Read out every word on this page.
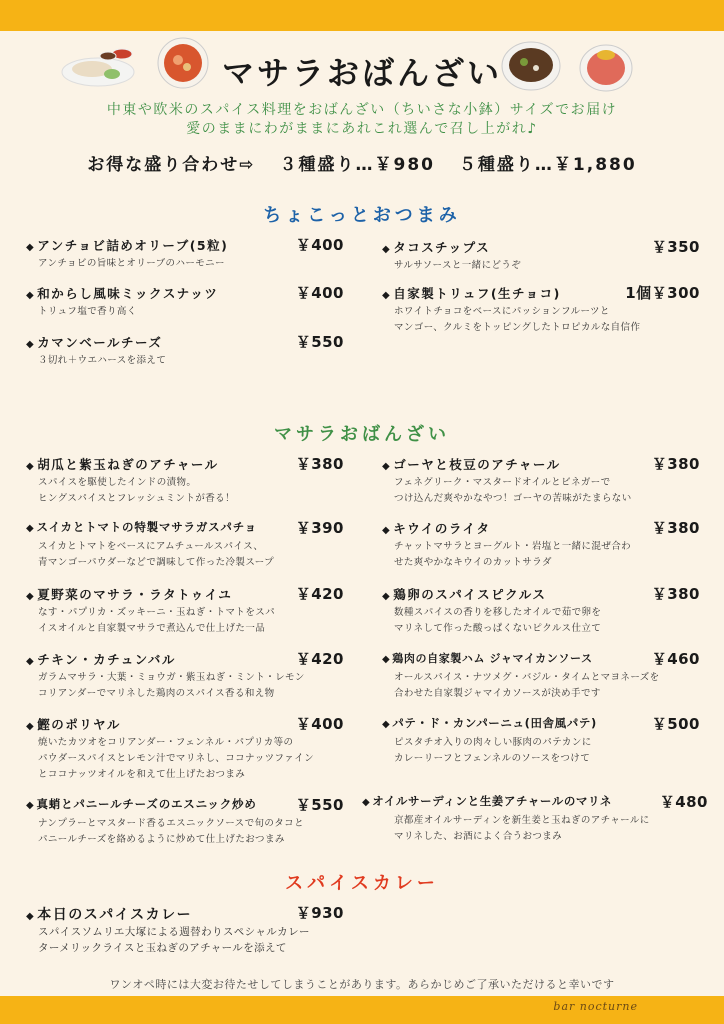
マサラおばんざい
中東や欧米のスパイス料理をおばんざい（ちいさな小鉢）サイズでお届け
愛のままにわがままにあれこれ選んで召し上がれ♪
お得な盛り合わせ⇨ ３種盛り…￥980 ５種盛り…￥1,880
ちょこっとおつまみ
◆ アンチョビ詰めオリーブ(5粒)	￥400
アンチョビの旨味とオリーブのハーモニー
◆ 和からし風味ミックスナッツ	￥400
トリュフ塩で香り高く
◆ カマンベールチーズ	￥550
３切れ＋ウエハースを添えて
◆ タコスチップス	￥350
サルサソースと一緒にどうぞ
◆ 自家製トリュフ(生チョコ)	1個￥300
ホワイトチョコをベースにパッションフルーツと
マンゴー、クルミをトッピングしたトロピカルな自信作
マサラおばんざい
◆ 胡瓜と紫玉ねぎのアチャール	￥380
スパイスを駆使したインドの漬物。
ヒングスパイスとフレッシュミントが香る！
◆ スイカとトマトの特製マサラガスパチョ	￥390
スイカとトマトをベースにアムチュールスパイス、
青マンゴーパウダーなどで調味して作った冷製スープ
◆ 夏野菜のマサラ・ラタトゥイユ	￥420
なす・パプリカ・ズッキーニ・玉ねぎ・トマトをスパ
イスオイルと自家製マサラで煮込んで仕上げた一品
◆ チキン・カチュンバル	￥420
ガラムマサラ・大葉・ミョウガ・紫玉ねぎ・ミント・レモン
コリアンダーでマリネした鶏肉のスパイス香る和え物
◆ 鰹のポリヤル	￥400
焼いたカツオをコリアンダー・フェンネル・パプリカ等の
パウダースパイスとレモン汁でマリネし、ココナッツファイン
とココナッツオイルを和えて仕上げたおつまみ
◆ 真蛸とパニールチーズのエスニック炒め	￥550
ナンプラーとマスタード香るエスニックソースで旬のタコと
パニールチーズを絡めるように炒めて仕上げたおつまみ
◆ ゴーヤと枝豆のアチャール	￥380
フェネグリーク・マスタードオイルとビネガーで
つけ込んだ爽やかなやつ！ゴーヤの苦味がたまらない
◆ キウイのライタ	￥380
チャットマサラとヨーグルト・岩塩と一緒に混ぜ合わ
せた爽やかなキウイのカットサラダ
◆ 鶏卵のスパイスピクルス	￥380
数種スパイスの香りを移したオイルで茹で卵を
マリネして作った酸っぱくないピクルス仕立て
◆ 鶏肉の自家製ハム ジャマイカンソース	￥460
オールスパイス・ナツメグ・バジル・タイムとマヨネーズを
合わせた自家製ジャマイカソースが決め手です
◆ パテ・ド・カンパーニュ(田舎風パテ)	￥500
ピスタチオ入りの肉々しい豚肉のパテカンに
カレーリーフとフェンネルのソースをつけて
◆ オイルサーディンと生姜アチャールのマリネ	￥480
京都産オイルサーディンを新生姜と玉ねぎのアチャールに
マリネした、お酒によく合うおつまみ
スパイスカレー
◆ 本日のスパイスカレー	￥930
スパイスソムリエ大塚による週替わりスペシャルカレー
ターメリックライスと玉ねぎのアチャールを添えて
ワンオペ時には大変お待たせしてしまうことがあります。あらかじめご了承いただけると幸いです
bar nocturne
